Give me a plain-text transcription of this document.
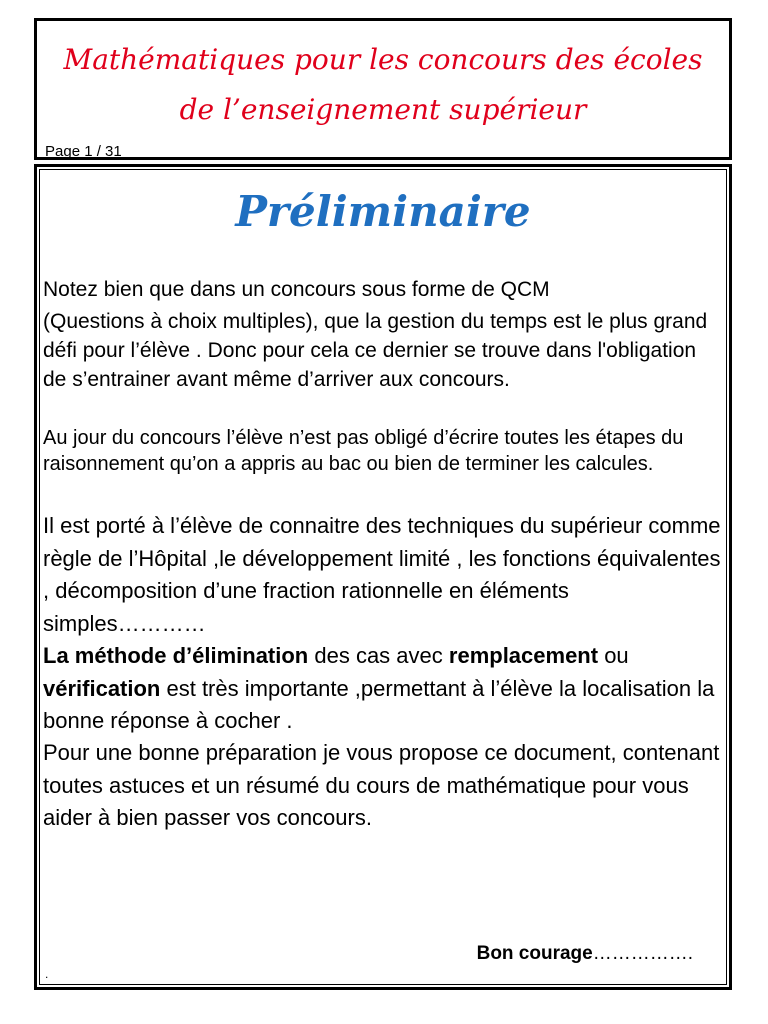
Mathématiques pour les concours des écoles
de l’enseignement supérieur
Page 1 / 31
Préliminaire

Notez bien que dans un concours sous forme de QCM

(Questions à choix multiples), que la gestion du temps est le plus grand défi pour l’élève . Donc pour cela ce dernier se trouve dans l'obligation de s’entrainer avant même d’arriver aux concours.

Au jour du concours l’élève n’est pas obligé d’écrire toutes les étapes du raisonnement qu’on a appris au bac ou bien de terminer les calcules.

Il est porté à l’élève de connaitre des techniques du supérieur comme règle de l’Hôpital ,le développement limité , les fonctions équivalentes , décomposition d’une fraction rationnelle en éléments simples…………

La méthode d’élimination des cas avec remplacement ou vérification est très importante ,permettant à l’élève la localisation la bonne réponse à cocher .

Pour une bonne préparation je vous propose ce document, contenant toutes astuces et un résumé du cours de mathématique pour vous aider à bien passer vos concours.

Bon courage…………….
.
